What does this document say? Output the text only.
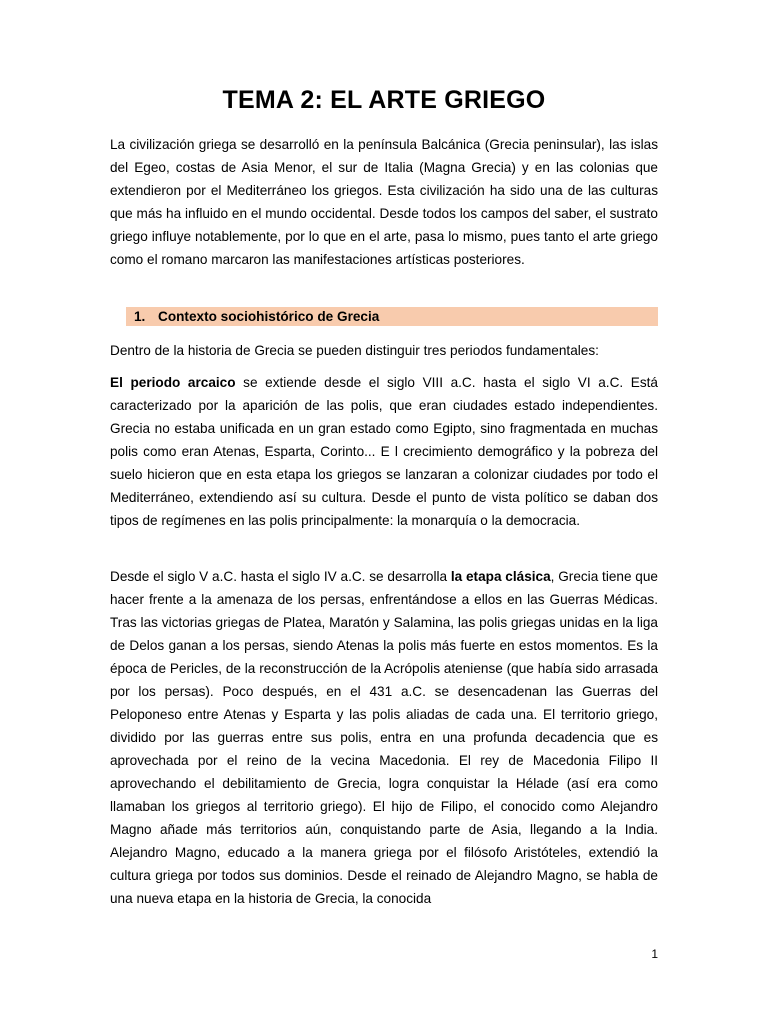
TEMA 2: EL ARTE GRIEGO

La civilización griega se desarrolló en la península Balcánica (Grecia peninsular), las islas del Egeo, costas de Asia Menor, el sur de Italia (Magna Grecia) y en las colonias que extendieron por el Mediterráneo los griegos. Esta civilización ha sido una de las culturas que más ha influido en el mundo occidental. Desde todos los campos del saber, el sustrato griego influye notablemente, por lo que en el arte, pasa lo mismo, pues tanto el arte griego como el romano marcaron las manifestaciones artísticas posteriores.

1. Contexto sociohistórico de Grecia

Dentro de la historia de Grecia se pueden distinguir tres periodos fundamentales:

El periodo arcaico se extiende desde el siglo VIII a.C. hasta el siglo VI a.C. Está caracterizado por la aparición de las polis, que eran ciudades estado independientes. Grecia no estaba unificada en un gran estado como Egipto, sino fragmentada en muchas polis como eran Atenas, Esparta, Corinto... E l crecimiento demográfico y la pobreza del suelo hicieron que en esta etapa los griegos se lanzaran a colonizar ciudades por todo el Mediterráneo, extendiendo así su cultura. Desde el punto de vista político se daban dos tipos de regímenes en las polis principalmente: la monarquía o la democracia.

Desde el siglo V a.C. hasta el siglo IV a.C. se desarrolla la etapa clásica, Grecia tiene que hacer frente a la amenaza de los persas, enfrentándose a ellos en las Guerras Médicas. Tras las victorias griegas de Platea, Maratón y Salamina, las polis griegas unidas en la liga de Delos ganan a los persas, siendo Atenas la polis más fuerte en estos momentos. Es la época de Pericles, de la reconstrucción de la Acrópolis ateniense (que había sido arrasada por los persas). Poco después, en el 431 a.C. se desencadenan las Guerras del Peloponeso entre Atenas y Esparta y las polis aliadas de cada una. El territorio griego, dividido por las guerras entre sus polis, entra en una profunda decadencia que es aprovechada por el reino de la vecina Macedonia. El rey de Macedonia Filipo II aprovechando el debilitamiento de Grecia, logra conquistar la Hélade (así era como llamaban los griegos al territorio griego). El hijo de Filipo, el conocido como Alejandro Magno añade más territorios aún, conquistando parte de Asia, llegando a la India. Alejandro Magno, educado a la manera griega por el filósofo Aristóteles, extendió la cultura griega por todos sus dominios. Desde el reinado de Alejandro Magno, se habla de una nueva etapa en la historia de Grecia, la conocida

1
